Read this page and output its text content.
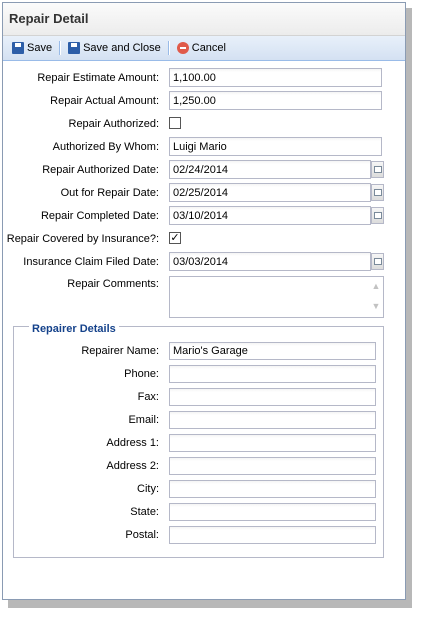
Repair Detail
Save	Save and Close	Cancel
Repair Estimate Amount:	1,100.00
Repair Actual Amount:	1,250.00
Repair Authorized:
Authorized By Whom:	Luigi Mario
Repair Authorized Date:	02/24/2014
Out for Repair Date:	02/25/2014
Repair Completed Date:	03/10/2014
Repair Covered by Insurance?: ✓
Insurance Claim Filed Date:	03/03/2014
Repair Comments:	▲
▼
Repairer Details
Repairer Name:	Mario's Garage
Phone:
Fax:
Email:
Address 1:
Address 2:
City:
State:
Postal:
